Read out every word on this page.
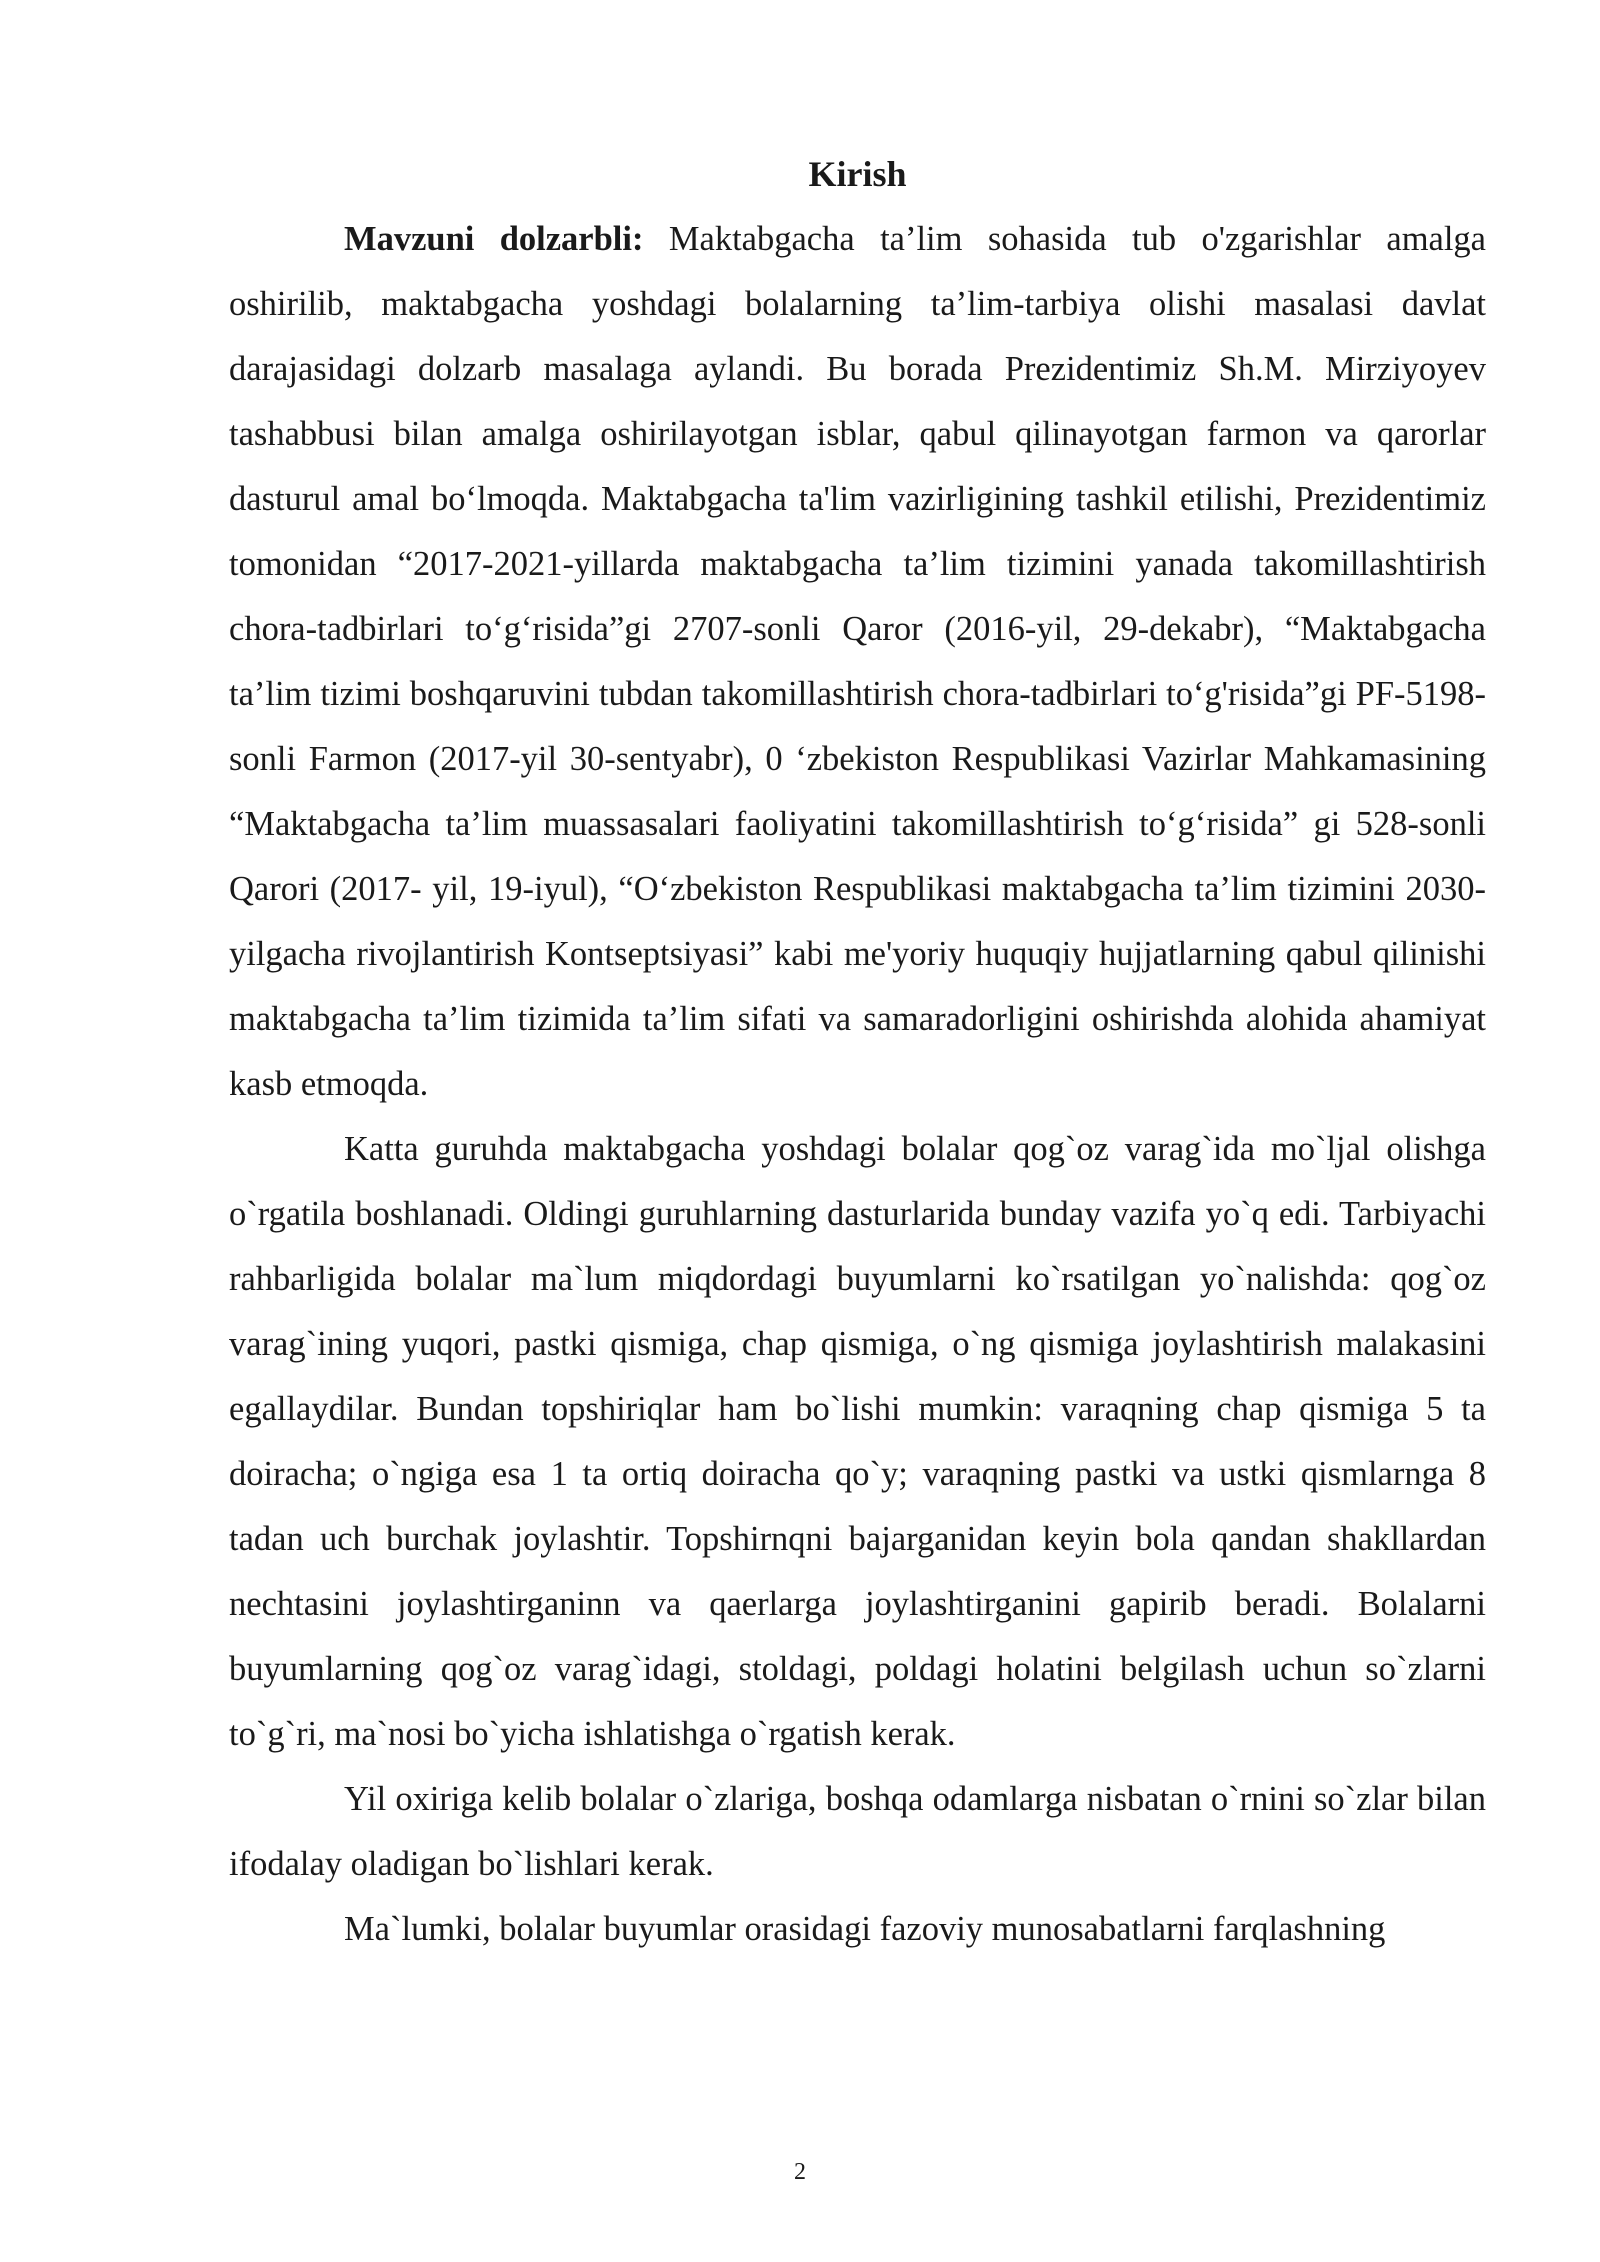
Kirish

Mavzuni dolzarbli: Maktabgacha ta’lim sohasida tub o'zgarishlar amalga oshirilib, maktabgacha yoshdagi bolalarning ta’lim-tarbiya olishi masalasi davlat darajasidagi dolzarb masalaga aylandi. Bu borada Prezidentimiz Sh.M. Mirziyoyev tashabbusi bilan amalga oshirilayotgan isblar, qabul qilinayotgan farmon va qarorlar dasturul amal bo‘lmoqda. Maktabgacha ta'lim vazirligining tashkil etilishi, Prezidentimiz tomonidan “2017-2021-yillarda maktabgacha ta’lim tizimini yanada takomillashtirish chora-tadbirlari to‘g‘risida”gi 2707-sonli Qaror (2016-yil, 29-dekabr), “Maktabgacha ta’lim tizimi boshqaruvini tubdan takomillashtirish chora-tadbirlari to‘g'risida”gi PF-5198-sonli Farmon (2017-yil 30-sentyabr), 0 ‘zbekiston Respublikasi Vazirlar Mahkamasining “Maktabgacha ta’lim muassasalari faoliyatini takomillashtirish to‘g‘risida” gi 528-sonli Qarori (2017- yil, 19-iyul), “O‘zbekiston Respublikasi maktabgacha ta’lim tizimini 2030- yilgacha rivojlantirish Kontseptsiyasi” kabi me'yoriy huquqiy hujjatlarning qabul qilinishi maktabgacha ta’lim tizimida ta’lim sifati va samaradorligini oshirishda alohida ahamiyat kasb etmoqda.

Katta guruhda maktabgacha yoshdagi bolalar qog`oz varag`ida mo`ljal olishga o`rgatila boshlanadi. Oldingi guruhlarning dasturlarida bunday vazifa yo`q edi. Tarbiyachi rahbarligida bolalar ma`lum miqdordagi buyumlarni ko`rsatilgan yo`nalishda: qog`oz varag`ining yuqori, pastki qismiga, chap qismiga, o`ng qismiga joylashtirish malakasini egallaydilar. Bundan topshiriqlar ham bo`lishi mumkin: varaqning chap qismiga 5 ta doiracha; o`ngiga esa 1 ta ortiq doiracha qo`y; varaqning pastki va ustki qismlarnga 8 tadan uch burchak joylashtir. Topshirnqni bajarganidan keyin bola qandan shakllardan nechtasini joylashtirganinn va qaerlarga joylashtirganini gapirib beradi. Bolalarni buyumlarning qog`oz varag`idagi, stoldagi, poldagi holatini belgilash uchun so`zlarni to`g`ri, ma`nosi bo`yicha ishlatishga o`rgatish kerak.

Yil oxiriga kelib bolalar o`zlariga, boshqa odamlarga nisbatan o`rnini so`zlar bilan ifodalay oladigan bo`lishlari kerak.

Ma`lumki, bolalar buyumlar orasidagi fazoviy munosabatlarni farqlashning

2
